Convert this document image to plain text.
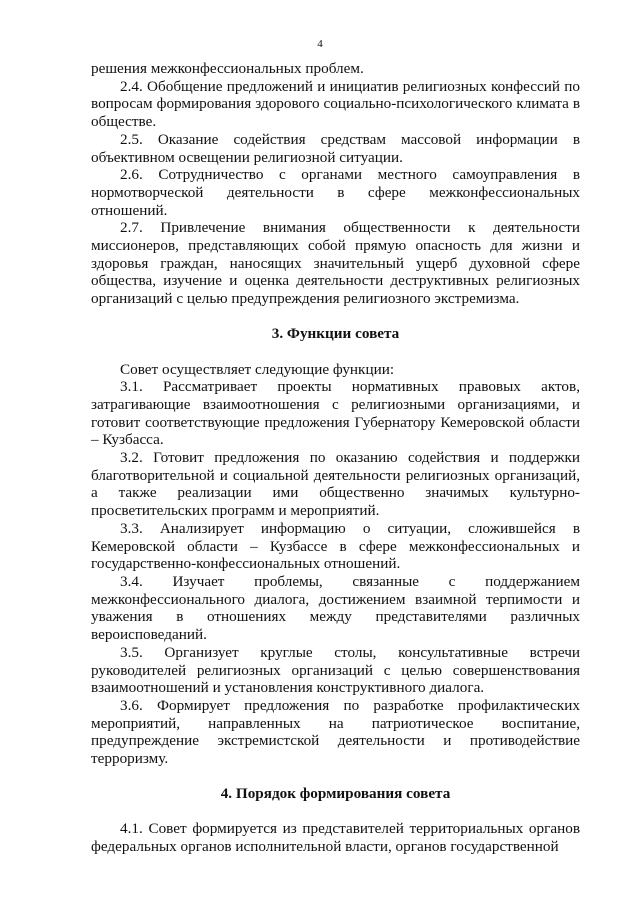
4

решения межконфессиональных проблем.

2.4. Обобщение предложений и инициатив религиозных конфессий по вопросам формирования здорового социально-психологического климата в обществе.

2.5. Оказание содействия средствам массовой информации в объективном освещении религиозной ситуации.

2.6. Сотрудничество с органами местного самоуправления в нормотворческой деятельности в сфере межконфессиональных отношений.

2.7. Привлечение внимания общественности к деятельности миссионеров, представляющих собой прямую опасность для жизни и здоровья граждан, наносящих значительный ущерб духовной сфере общества, изучение и оценка деятельности деструктивных религиозных организаций с целью предупреждения религиозного экстремизма.

3. Функции совета

Совет осуществляет следующие функции:

3.1. Рассматривает проекты нормативных правовых актов, затрагивающие взаимоотношения с религиозными организациями, и готовит соответствующие предложения Губернатору Кемеровской области – Кузбасса.

3.2. Готовит предложения по оказанию содействия и поддержки благотворительной и социальной деятельности религиозных организаций, а также реализации ими общественно значимых культурно-просветительских программ и мероприятий.

3.3. Анализирует информацию о ситуации, сложившейся в Кемеровской области – Кузбассе в сфере межконфессиональных и государственно-конфессиональных отношений.

3.4. Изучает проблемы, связанные с поддержанием межконфессионального диалога, достижением взаимной терпимости и уважения в отношениях между представителями различных вероисповеданий.

3.5. Организует круглые столы, консультативные встречи руководителей религиозных организаций с целью совершенствования взаимоотношений и установления конструктивного диалога.

3.6. Формирует предложения по разработке профилактических мероприятий, направленных на патриотическое воспитание, предупреждение экстремистской деятельности и противодействие терроризму.

4. Порядок формирования совета

4.1. Совет формируется из представителей территориальных органов федеральных органов исполнительной власти, органов государственной
